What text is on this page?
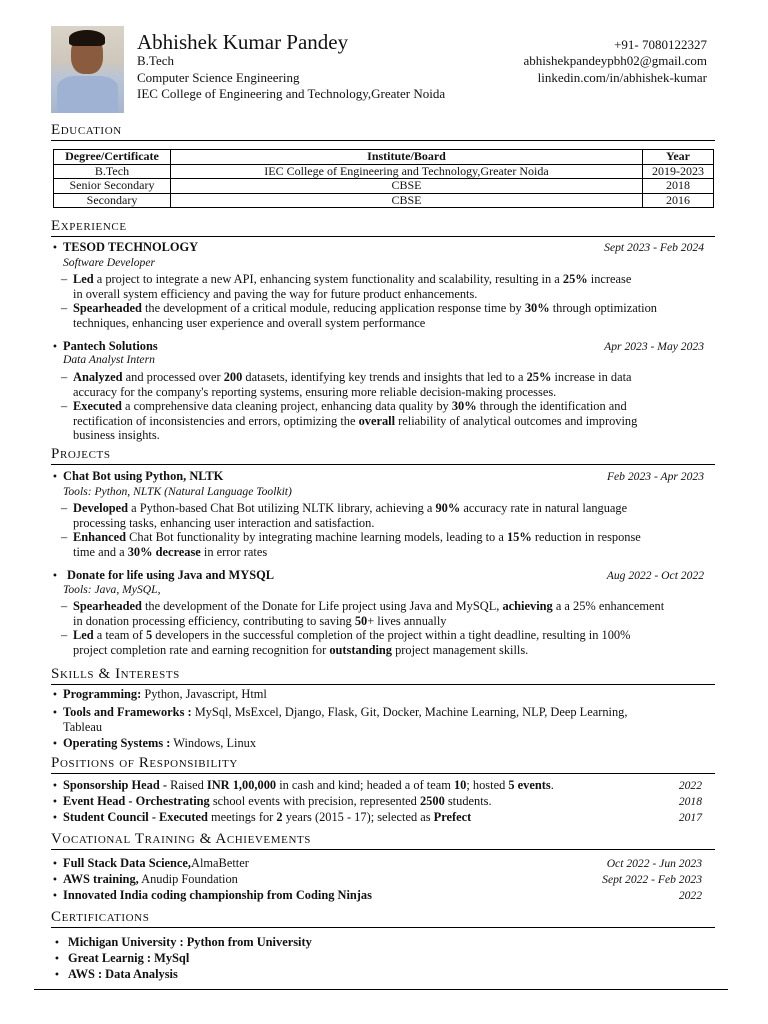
Abhishek Kumar Pandey
B.Tech
Computer Science Engineering
IEC College of Engineering and Technology,Greater Noida
+91- 7080122327
abhishekpandeypbh02@gmail.com
linkedin.com/in/abhishek-kumar
Education
Degree/Certificate	Institute/Board	Year
B.Tech	IEC College of Engineering and Technology,Greater Noida	2019-2023
Senior Secondary	CBSE	2018
Secondary	CBSE	2016
Experience
• TESOD TECHNOLOGY	Sept 2023 - Feb 2024
Software Developer
– Led a project to integrate a new API, enhancing system functionality and scalability, resulting in a 25% increase
in overall system efficiency and paving the way for future product enhancements.
– Spearheaded the development of a critical module, reducing application response time by 30% through optimization
techniques, enhancing user experience and overall system performance
• Pantech Solutions	Apr 2023 - May 2023
Data Analyst Intern
– Analyzed and processed over 200 datasets, identifying key trends and insights that led to a 25% increase in data
accuracy for the company's reporting systems, ensuring more reliable decision-making processes.
– Executed a comprehensive data cleaning project, enhancing data quality by 30% through the identification and
rectification of inconsistencies and errors, optimizing the overall reliability of analytical outcomes and improving
business insights.
Projects
• Chat Bot using Python, NLTK	Feb 2023 - Apr 2023
Tools: Python, NLTK (Natural Language Toolkit)
– Developed a Python-based Chat Bot utilizing NLTK library, achieving a 90% accuracy rate in natural language
processing tasks, enhancing user interaction and satisfaction.
– Enhanced Chat Bot functionality by integrating machine learning models, leading to a 15% reduction in response
time and a 30% decrease in error rates
• Donate for life using Java and MYSQL	Aug 2022 - Oct 2022
Tools: Java, MySQL,
– Spearheaded the development of the Donate for Life project using Java and MySQL, achieving a a 25% enhancement
in donation processing efficiency, contributing to saving 50+ lives annually
– Led a team of 5 developers in the successful completion of the project within a tight deadline, resulting in 100%
project completion rate and earning recognition for outstanding project management skills.
Skills & Interests
• Programming: Python, Javascript, Html
• Tools and Frameworks : MySql, MsExcel, Django, Flask, Git, Docker, Machine Learning, NLP, Deep Learning,
Tableau
• Operating Systems : Windows, Linux
Positions of Responsibility
• Sponsorship Head - Raised INR 1,00,000 in cash and kind; headed a of team 10; hosted 5 events.	2022
• Event Head - Orchestrating school events with precision, represented 2500 students.	2018
• Student Council - Executed meetings for 2 years (2015 - 17); selected as Prefect	2017
Vocational Training & Achievements
• Full Stack Data Science,AlmaBetter	Oct 2022 - Jun 2023
• AWS training, Anudip Foundation	Sept 2022 - Feb 2023
• Innovated India coding championship from Coding Ninjas	2022
Certifications
• Michigan University : Python from University
• Great Learnig : MySql
• AWS : Data Analysis
